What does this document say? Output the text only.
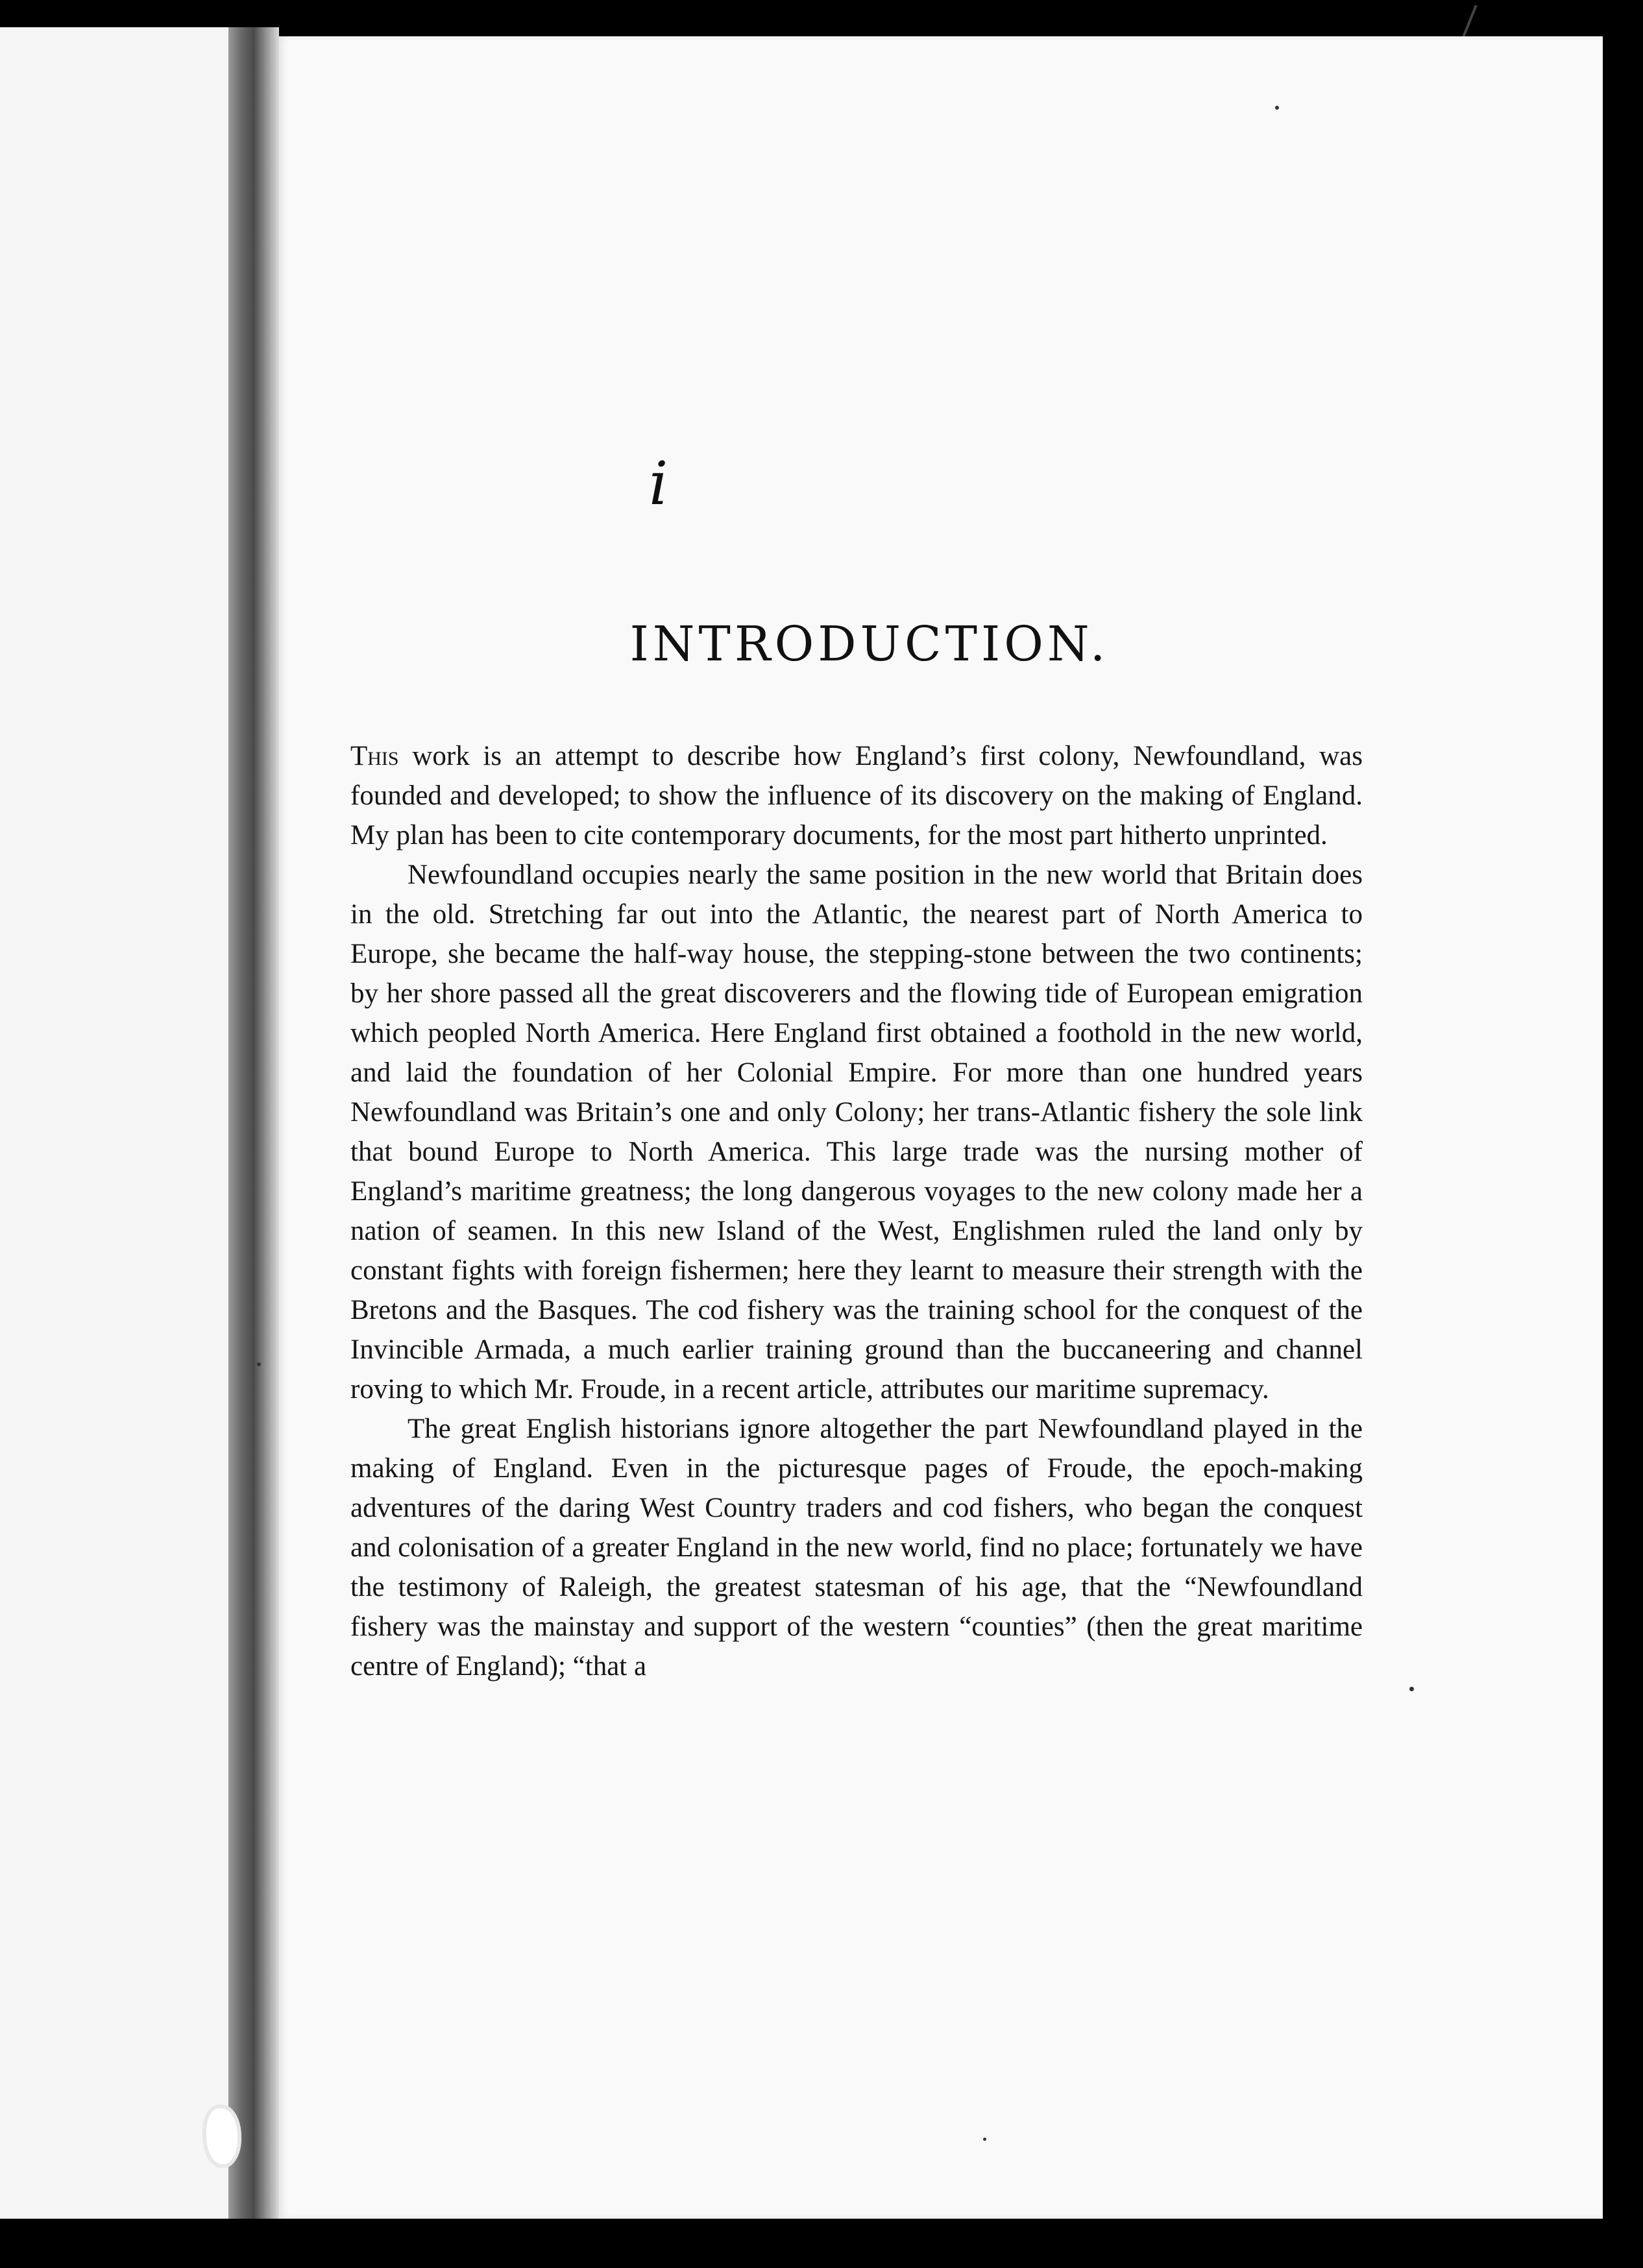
i
INTRODUCTION.

This work is an attempt to describe how England’s first colony, Newfoundland, was founded and developed; to show the influence of its discovery on the making of England. My plan has been to cite contemporary documents, for the most part hitherto unprinted.

Newfoundland occupies nearly the same position in the new world that Britain does in the old. Stretching far out into the Atlantic, the nearest part of North America to Europe, she became the half-way house, the stepping-stone between the two continents; by her shore passed all the great discoverers and the flowing tide of European emigration which peopled North America. Here England first obtained a foothold in the new world, and laid the foundation of her Colonial Empire. For more than one hundred years Newfoundland was Britain’s one and only Colony; her trans-Atlantic fishery the sole link that bound Europe to North America. This large trade was the nursing mother of England’s maritime greatness; the long dangerous voyages to the new colony made her a nation of seamen. In this new Island of the West, Englishmen ruled the land only by constant fights with foreign fishermen; here they learnt to measure their strength with the Bretons and the Basques. The cod fishery was the training school for the conquest of the Invincible Armada, a much earlier training ground than the buccaneering and channel roving to which Mr. Froude, in a recent article, attributes our maritime supremacy.

The great English historians ignore altogether the part Newfoundland played in the making of England. Even in the picturesque pages of Froude, the epoch-making adventures of the daring West Country traders and cod fishers, who began the conquest and colonisation of a greater England in the new world, find no place; fortunately we have the testimony of Raleigh, the greatest statesman of his age, that the “Newfoundland fishery was the mainstay and support of the western “counties” (then the great maritime centre of England); “that a
